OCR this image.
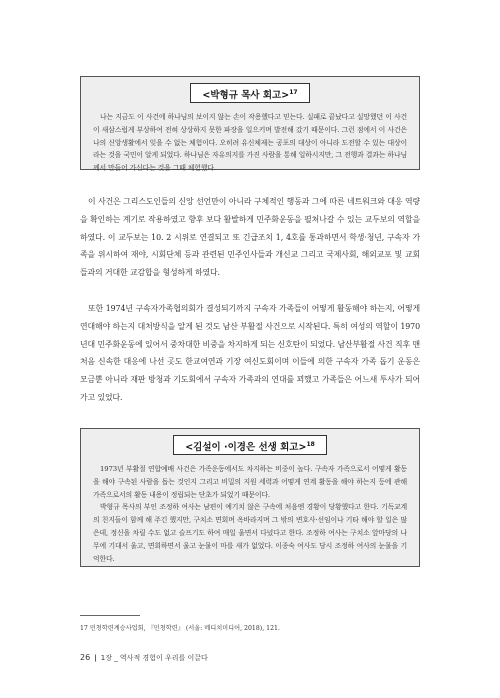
<박형규 목사 회고>$^{17}$

나는 지금도 이 사건에 하나님의 보이지 않는 손이 작용했다고 믿는다. 실패로 끝났다고 실망했던 이 사건이 새삼스럽게 부상하여 전혀 상상하지 못한 파장을 일으키며 발전해 갔기 때문이다. 그런 점에서 이 사건은 나의 신앙생활에서 잊을 수 없는 체험이다. 오히려 유신체제는 공포의 대상이 아니라 도전할 수 있는 대상이라는 것을 국민이 알게 되었다. 하나님은 자유의지를 가진 사람을 통해 일하시지만, 그 전행과 결과는 하나님께서 만들어 가신다는 것을 그때 체험했다.

이 사건은 그리스도인들의 신앙 선언만이 아니라 구체적인 행동과 그에 따른 네트워크와 대응 역량을 확인하는 계기로 작용하였고 향후 보다 활발하게 민주화운동을 펼쳐나갈 수 있는 교두보의 역할을 하였다. 이 교두보는 10. 2 시위로 연결되고 또 긴급조치 1, 4호를 통과하면서 학생·청년, 구속자 가족을 위시하여 재야, 시회단체 등과 관련된 민주인사들과 개신교 그리고 국제사회, 해외교포 및 교회들과의 거대한 교감합을 형성하게 하였다.

또한 1974년 구속자가족협의회가 결성되기까지 구속자 가족들이 어떻게 활동해야 하는지, 어떻게 연대해야 하는지 대처방식을 알게 된 것도 남산 부활절 사건으로 시작된다. 특히 여성의 역할이 1970년대 민주화운동에 있어서 중차대한 비중을 차지하게 되는 신호탄이 되었다. 남산부활절 사건 직후 맨 처음 신속한 대응에 나선 곳도 한교여연과 기장 여신도회이며 이들에 의한 구속자 가족 돕기 운동은 모금뿐 아니라 재판 방청과 기도회에서 구속자 가족과의 연대를 꾀했고 가족들은 어느새 투사가 되어가고 있었다.

<김설이 ·이경은 선생 회고>$^{18}$

1973년 부활절 연합예배 사건은 가족운동에서도 차지하는 비중이 높다. 구속자 가족으로서 어떻게 활동을 해야 구속된 사람을 돕는 것인지 그리고 비밀의 지원 세력과 어떻게 연계 활동을 해야 하는지 등에 관해 가족으로서의 활동 내용이 정립되는 단초가 되었기 때문이다.

박형규 목사의 부인 조정하 여사는 남편이 예기치 않은 구속에 처음엔 경황이 당황했다고 한다. 기독교계의 친지들이 함께 해 주긴 했지만, 구치소 면회며 옥바라지며 그 밖의 변호사·선임이나 기타 해야 할 일은 많은데, 정신을 차릴 수도 없고 슬프기도 하여 매일 울면서 다녔다고 한다. 조정하 여사는 구치소 앞마당의 나무에 기대서 울고, 면회하면서 울고 눈물이 마를 새가 없었다. 이종숙 여사도 당시 조정하 여사의 눈물을 기억한다.

17 민청학련계승사업회, 『민청학련』 (서울: 메디치미디어, 2018), 121.
26 | 1장 _ 역사적 경험이 우리를 이끌다
